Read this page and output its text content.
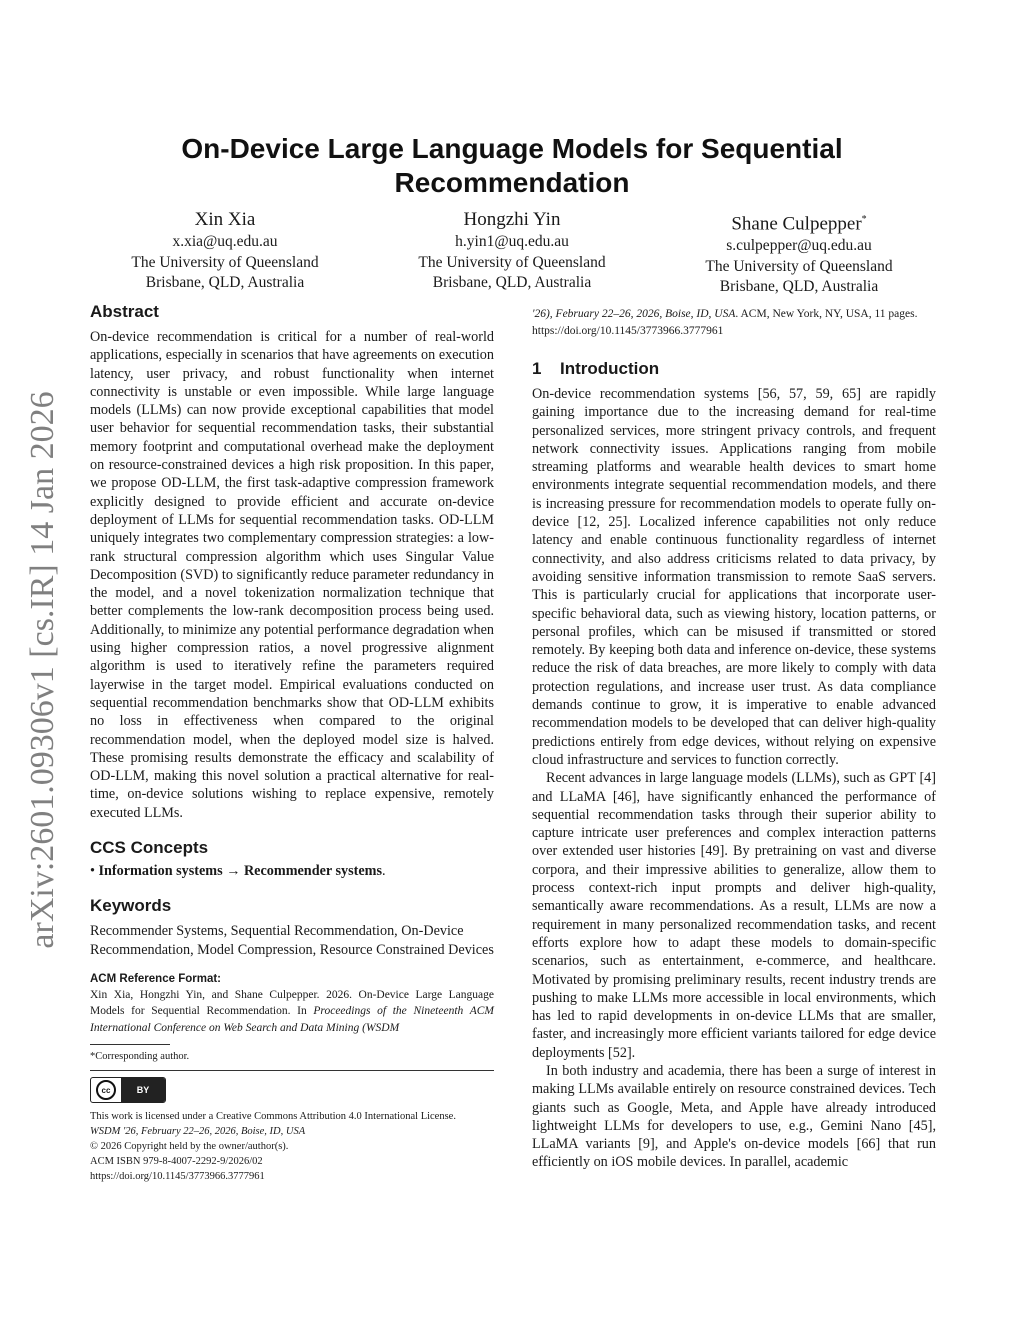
arXiv:2601.09306v1 [cs.IR] 14 Jan 2026
On-Device Large Language Models for Sequential Recommendation
Xin Xia
x.xia@uq.edu.au
The University of Queensland
Brisbane, QLD, Australia
Hongzhi Yin
h.yin1@uq.edu.au
The University of Queensland
Brisbane, QLD, Australia
Shane Culpepper*
s.culpepper@uq.edu.au
The University of Queensland
Brisbane, QLD, Australia
Abstract

On-device recommendation is critical for a number of real-world applications, especially in scenarios that have agreements on execution latency, user privacy, and robust functionality when internet connectivity is unstable or even impossible. While large language models (LLMs) can now provide exceptional capabilities that model user behavior for sequential recommendation tasks, their substantial memory footprint and computational overhead make the deployment on resource-constrained devices a high risk proposition. In this paper, we propose OD-LLM, the first task-adaptive compression framework explicitly designed to provide efficient and accurate on-device deployment of LLMs for sequential recommendation tasks. OD-LLM uniquely integrates two complementary compression strategies: a low-rank structural compression algorithm which uses Singular Value Decomposition (SVD) to significantly reduce parameter redundancy in the model, and a novel tokenization normalization technique that better complements the low-rank decomposition process being used. Additionally, to minimize any potential performance degradation when using higher compression ratios, a novel progressive alignment algorithm is used to iteratively refine the parameters required layerwise in the target model. Empirical evaluations conducted on sequential recommendation benchmarks show that OD-LLM exhibits no loss in effectiveness when compared to the original recommendation model, when the deployed model size is halved. These promising results demonstrate the efficacy and scalability of OD-LLM, making this novel solution a practical alternative for real-time, on-device solutions wishing to replace expensive, remotely executed LLMs.

CCS Concepts

• Information systems → Recommender systems.

Keywords

Recommender Systems, Sequential Recommendation, On-Device Recommendation, Model Compression, Resource Constrained Devices

ACM Reference Format:

Xin Xia, Hongzhi Yin, and Shane Culpepper. 2026. On-Device Large Language Models for Sequential Recommendation. In Proceedings of the Nineteenth ACM International Conference on Web Search and Data Mining (WSDM

*Corresponding author.

cc	BY

This work is licensed under a Creative Commons Attribution 4.0 International License.

WSDM '26, February 22–26, 2026, Boise, ID, USA

© 2026 Copyright held by the owner/author(s).

ACM ISBN 979-8-4007-2292-9/2026/02

https://doi.org/10.1145/3773966.3777961

'26), February 22–26, 2026, Boise, ID, USA. ACM, New York, NY, USA, 11 pages. https://doi.org/10.1145/3773966.3777961

1 Introduction

On-device recommendation systems [56, 57, 59, 65] are rapidly gaining importance due to the increasing demand for real-time personalized services, more stringent privacy controls, and frequent network connectivity issues. Applications ranging from mobile streaming platforms and wearable health devices to smart home environments integrate sequential recommendation models, and there is increasing pressure for recommendation models to operate fully on-device [12, 25]. Localized inference capabilities not only reduce latency and enable continuous functionality regardless of internet connectivity, and also address criticisms related to data privacy, by avoiding sensitive information transmission to remote SaaS servers. This is particularly crucial for applications that incorporate user-specific behavioral data, such as viewing history, location patterns, or personal profiles, which can be misused if transmitted or stored remotely. By keeping both data and inference on-device, these systems reduce the risk of data breaches, are more likely to comply with data protection regulations, and increase user trust. As data compliance demands continue to grow, it is imperative to enable advanced recommendation models to be developed that can deliver high-quality predictions entirely from edge devices, without relying on expensive cloud infrastructure and services to function correctly.

Recent advances in large language models (LLMs), such as GPT [4] and LLaMA [46], have significantly enhanced the performance of sequential recommendation tasks through their superior ability to capture intricate user preferences and complex interaction patterns over extended user histories [49]. By pretraining on vast and diverse corpora, and their impressive abilities to generalize, allow them to process context-rich input prompts and deliver high-quality, semantically aware recommendations. As a result, LLMs are now a requirement in many personalized recommendation tasks, and recent efforts explore how to adapt these models to domain-specific scenarios, such as entertainment, e-commerce, and healthcare. Motivated by promising preliminary results, recent industry trends are pushing to make LLMs more accessible in local environments, which has led to rapid developments in on-device LLMs that are smaller, faster, and increasingly more efficient variants tailored for edge device deployments [52].

In both industry and academia, there has been a surge of interest in making LLMs available entirely on resource constrained devices. Tech giants such as Google, Meta, and Apple have already introduced lightweight LLMs for developers to use, e.g., Gemini Nano [45], LLaMA variants [9], and Apple's on-device models [66] that run efficiently on iOS mobile devices. In parallel, academic
